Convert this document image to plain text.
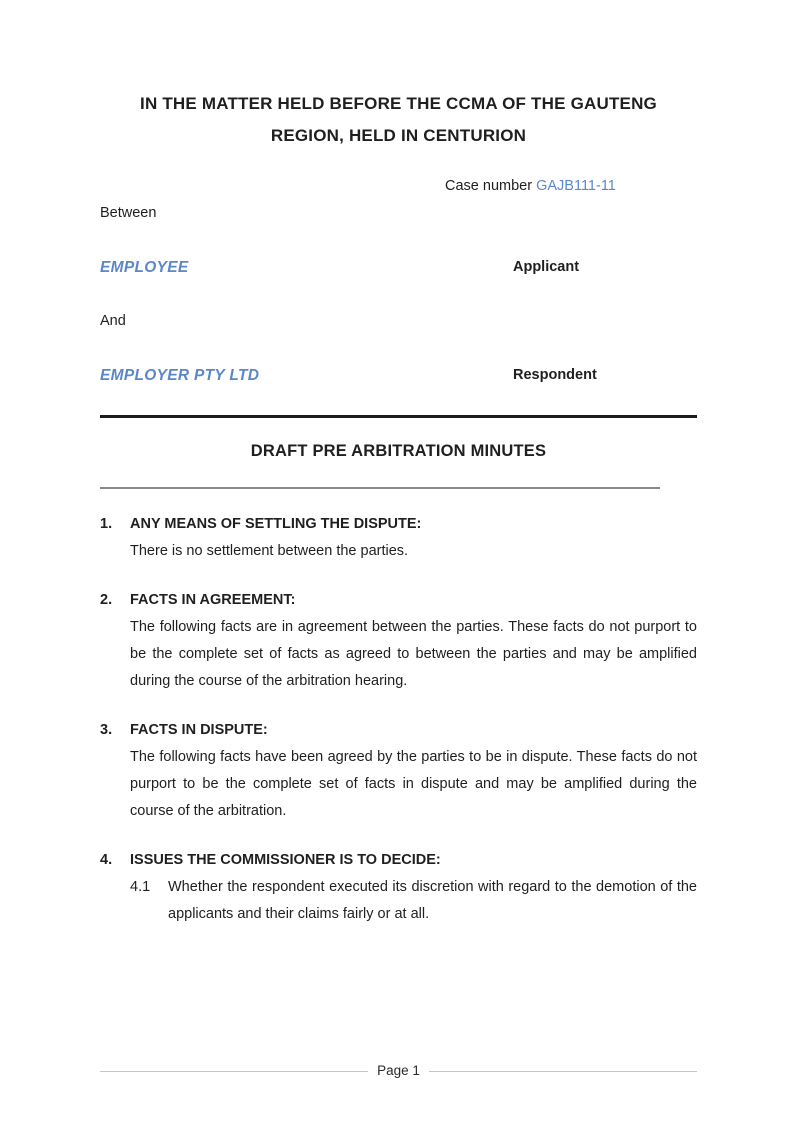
IN THE MATTER HELD BEFORE THE CCMA OF THE GAUTENG
REGION, HELD IN CENTURION
Case number GAJB111-11
Between
EMPLOYEE	Applicant
And
EMPLOYER PTY LTD	Respondent
DRAFT PRE ARBITRATION MINUTES
1.	ANY MEANS OF SETTLING THE DISPUTE:
There is no settlement between the parties.
2.	FACTS IN AGREEMENT:
The following facts are in agreement between the parties. These facts do not purport to be the complete set of facts as agreed to between the parties and may be amplified during the course of the arbitration hearing.
3.	FACTS IN DISPUTE:
The following facts have been agreed by the parties to be in dispute. These facts do not purport to be the complete set of facts in dispute and may be amplified during the course of the arbitration.
4.	ISSUES THE COMMISSIONER IS TO DECIDE:
4.1	Whether the respondent executed its discretion with regard to the demotion of the applicants and their claims fairly or at all.
Page 1
